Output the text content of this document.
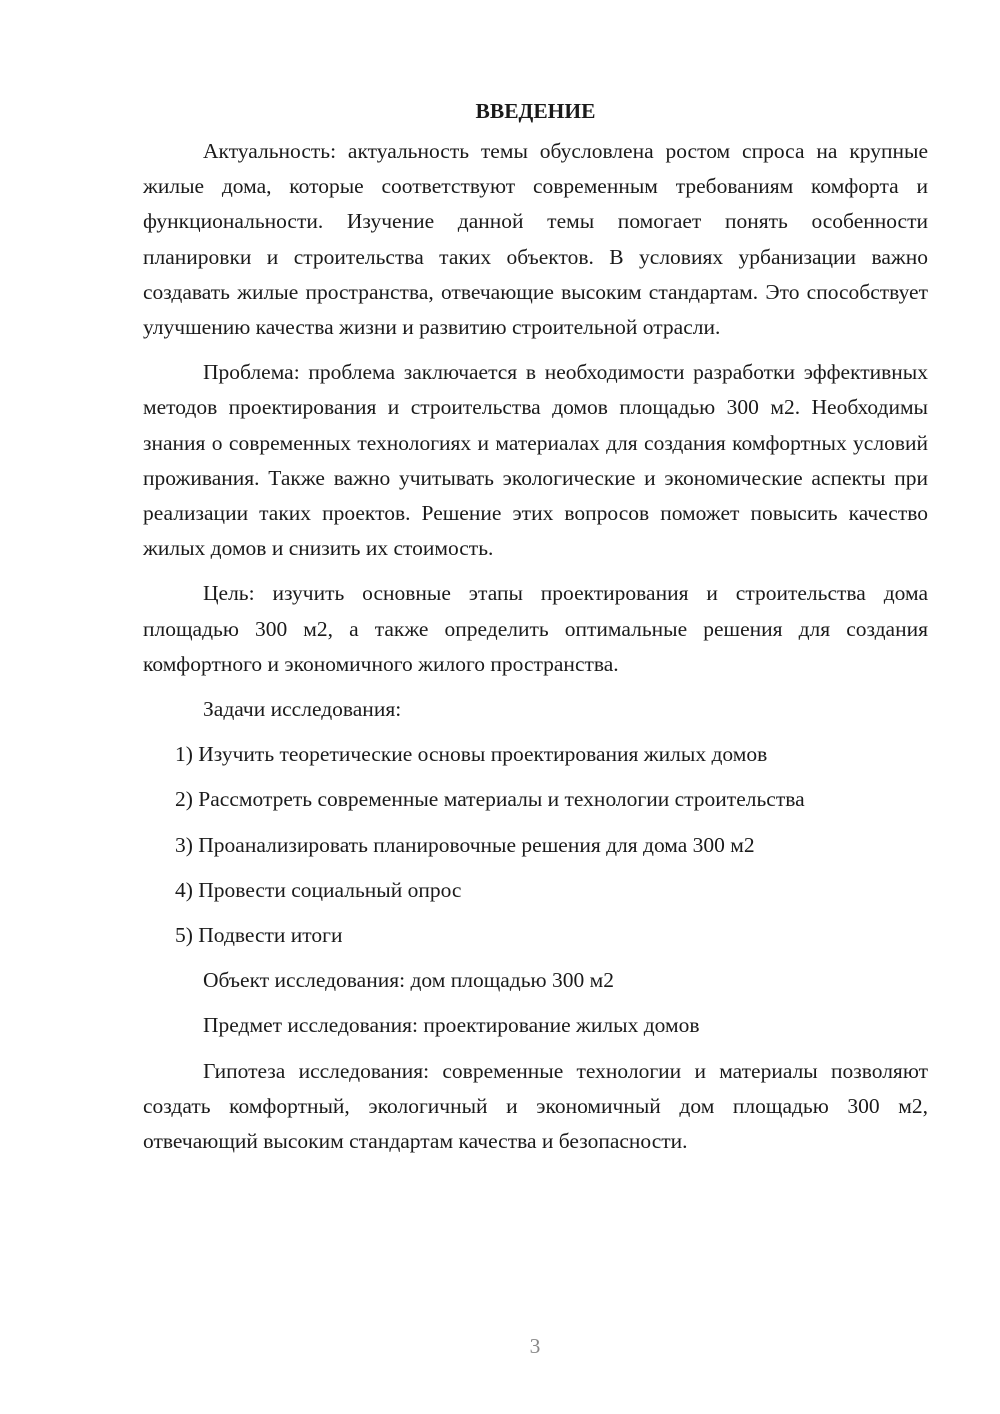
ВВЕДЕНИЕ

Актуальность: актуальность темы обусловлена ростом спроса на крупные жилые дома, которые соответствуют современным требованиям комфорта и функциональности. Изучение данной темы помогает понять особенности планировки и строительства таких объектов. В условиях урбанизации важно создавать жилые пространства, отвечающие высоким стандартам. Это способствует улучшению качества жизни и развитию строительной отрасли.

Проблема: проблема заключается в необходимости разработки эффективных методов проектирования и строительства домов площадью 300 м2. Необходимы знания о современных технологиях и материалах для создания комфортных условий проживания. Также важно учитывать экологические и экономические аспекты при реализации таких проектов. Решение этих вопросов поможет повысить качество жилых домов и снизить их стоимость.

Цель: изучить основные этапы проектирования и строительства дома площадью 300 м2, а также определить оптимальные решения для создания комфортного и экономичного жилого пространства.

Задачи исследования:

1) Изучить теоретические основы проектирования жилых домов
2) Рассмотреть современные материалы и технологии строительства
3) Проанализировать планировочные решения для дома 300 м2
4) Провести социальный опрос
5) Подвести итоги

Объект исследования: дом площадью 300 м2

Предмет исследования: проектирование жилых домов

Гипотеза исследования: современные технологии и материалы позволяют создать комфортный, экологичный и экономичный дом площадью 300 м2, отвечающий высоким стандартам качества и безопасности.

3
